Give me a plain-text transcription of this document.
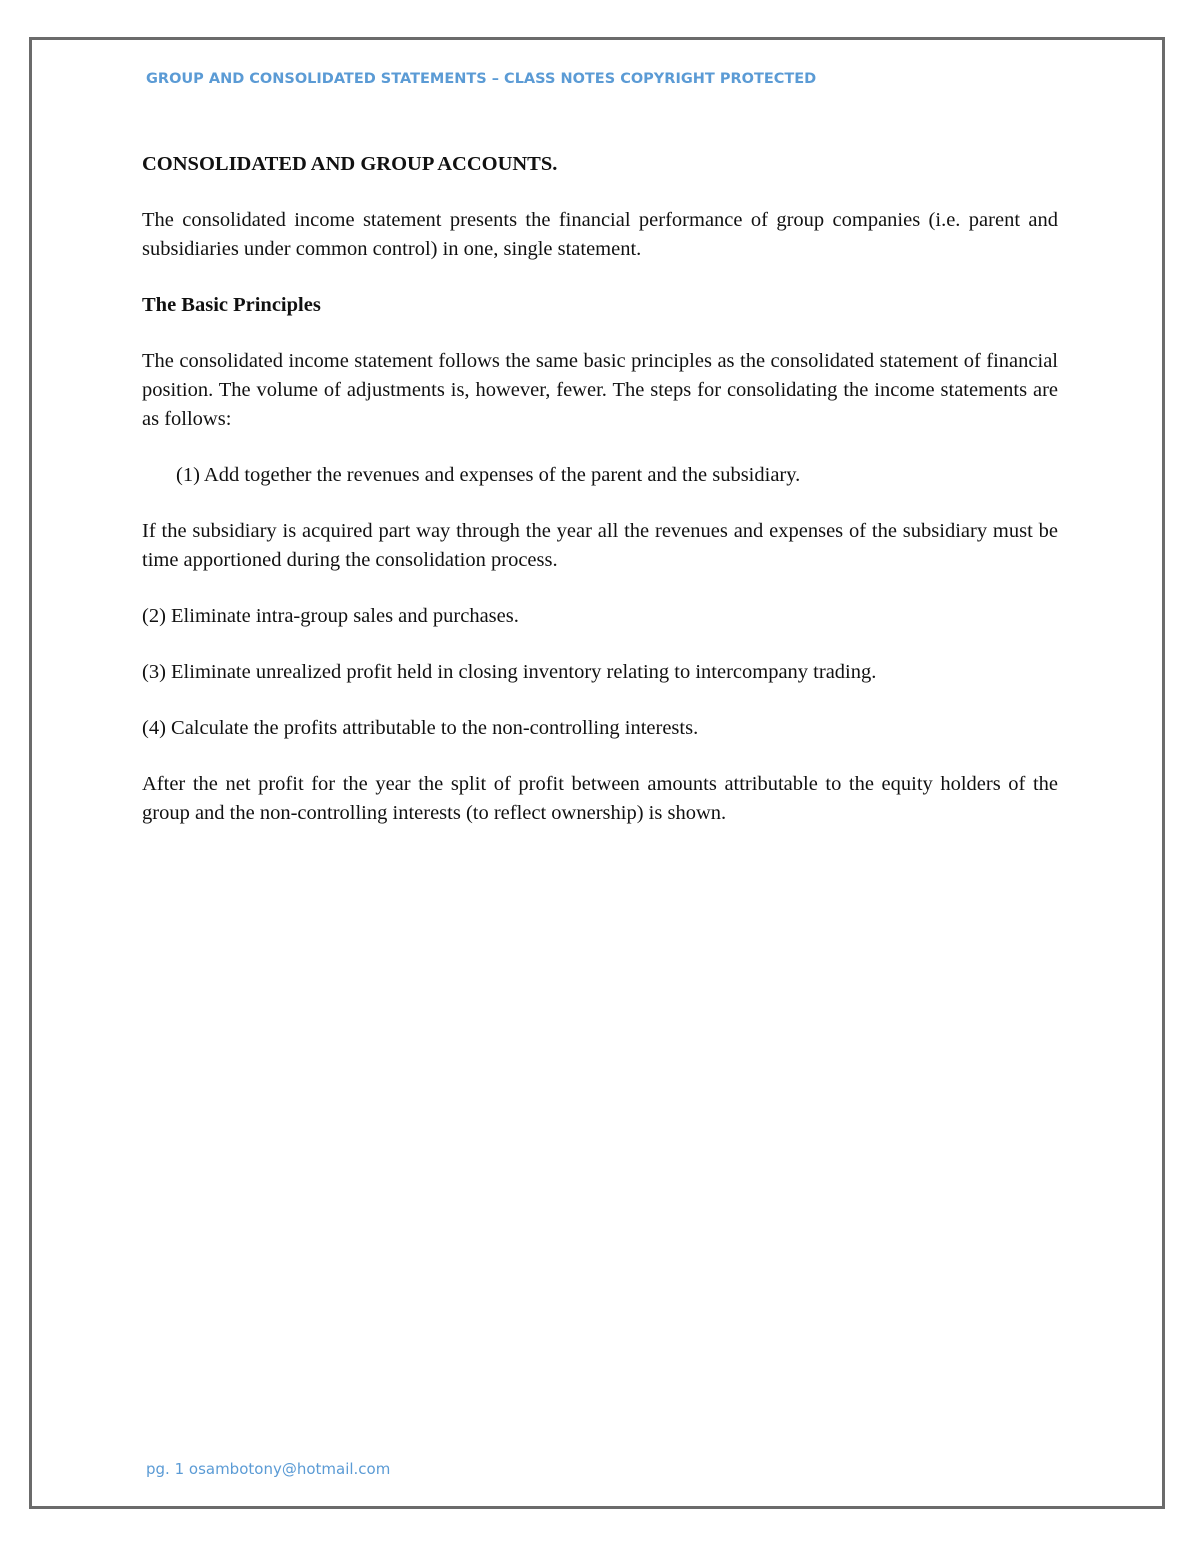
GROUP AND CONSOLIDATED STATEMENTS – CLASS NOTES COPYRIGHT PROTECTED

CONSOLIDATED AND GROUP ACCOUNTS.

The consolidated income statement presents the financial performance of group companies (i.e. parent and subsidiaries under common control) in one, single statement.

The Basic Principles

The consolidated income statement follows the same basic principles as the consolidated statement of financial position. The volume of adjustments is, however, fewer. The steps for consolidating the income statements are as follows:

(1) Add together the revenues and expenses of the parent and the subsidiary.

If the subsidiary is acquired part way through the year all the revenues and expenses of the subsidiary must be time apportioned during the consolidation process.

(2) Eliminate intra-group sales and purchases.

(3) Eliminate unrealized profit held in closing inventory relating to intercompany trading.

(4) Calculate the profits attributable to the non-controlling interests.

After the net profit for the year the split of profit between amounts attributable to the equity holders of the group and the non-controlling interests (to reflect ownership) is shown.

pg. 1 osambotony@hotmail.com
